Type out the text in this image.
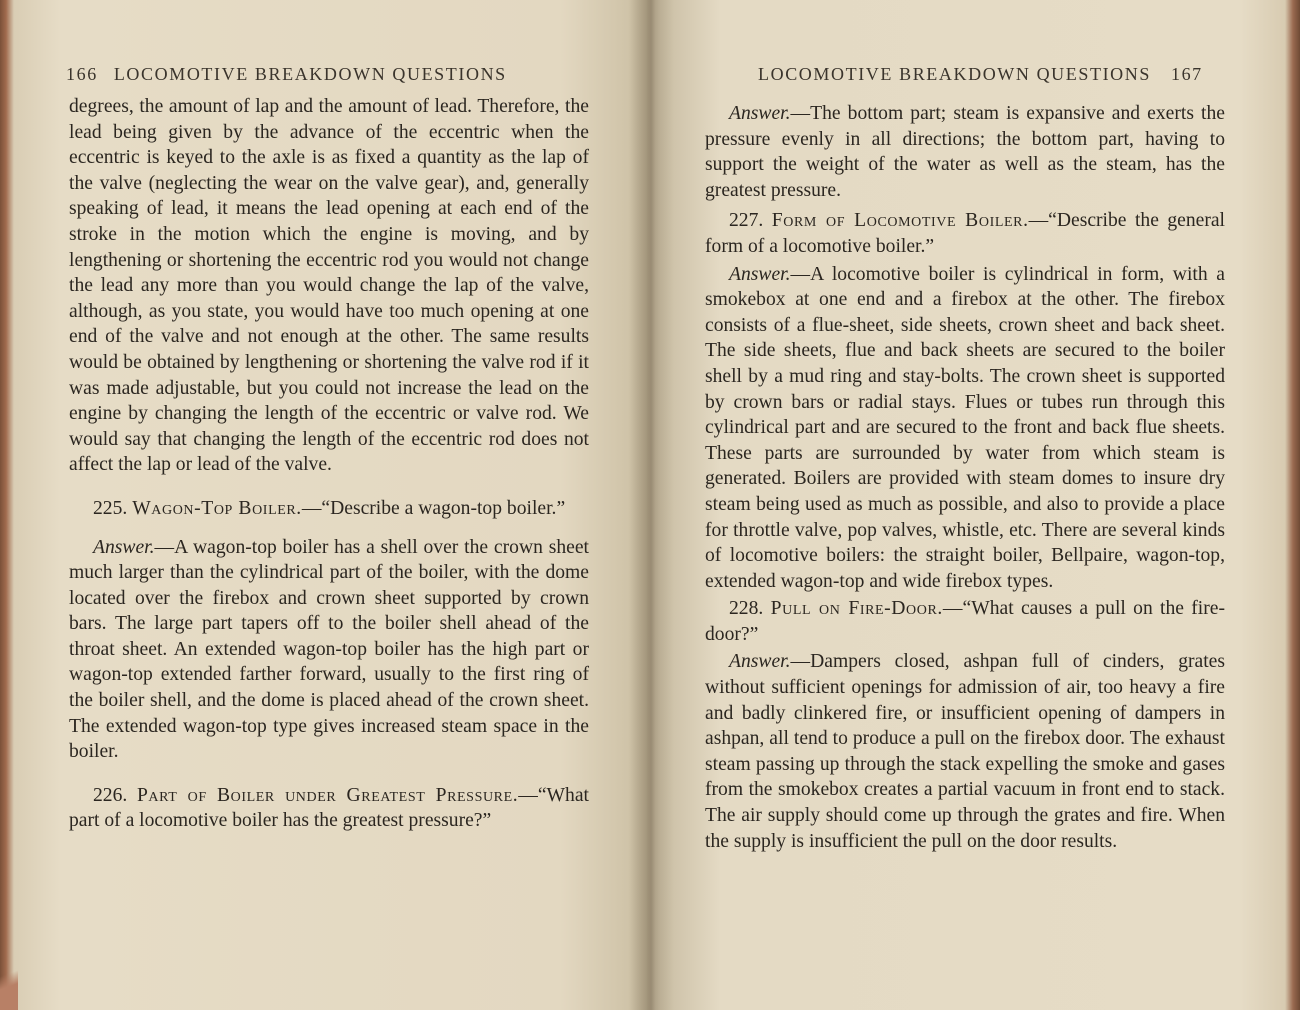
166 LOCOMOTIVE BREAKDOWN QUESTIONS

degrees, the amount of lap and the amount of lead. Therefore, the lead being given by the advance of the eccentric when the eccentric is keyed to the axle is as fixed a quantity as the lap of the valve (neglecting the wear on the valve gear), and, generally speaking of lead, it means the lead opening at each end of the stroke in the motion which the engine is moving, and by lengthening or shortening the eccentric rod you would not change the lead any more than you would change the lap of the valve, although, as you state, you would have too much opening at one end of the valve and not enough at the other. The same results would be obtained by lengthening or shortening the valve rod if it was made adjustable, but you could not increase the lead on the engine by changing the length of the eccentric or valve rod. We would say that changing the length of the eccentric rod does not affect the lap or lead of the valve.

225. Wagon-Top Boiler.—“Describe a wagon-top boiler.”

Answer.—A wagon-top boiler has a shell over the crown sheet much larger than the cylindrical part of the boiler, with the dome located over the firebox and crown sheet supported by crown bars. The large part tapers off to the boiler shell ahead of the throat sheet. An extended wagon-top boiler has the high part or wagon-top extended farther forward, usually to the first ring of the boiler shell, and the dome is placed ahead of the crown sheet. The extended wagon-top type gives increased steam space in the boiler.

226. Part of Boiler under Greatest Pressure.—“What part of a locomotive boiler has the greatest pressure?”

LOCOMOTIVE BREAKDOWN QUESTIONS 167

Answer.—The bottom part; steam is expansive and exerts the pressure evenly in all directions; the bottom part, having to support the weight of the water as well as the steam, has the greatest pressure.

227. Form of Locomotive Boiler.—“Describe the general form of a locomotive boiler.”

Answer.—A locomotive boiler is cylindrical in form, with a smokebox at one end and a firebox at the other. The firebox consists of a flue-sheet, side sheets, crown sheet and back sheet. The side sheets, flue and back sheets are secured to the boiler shell by a mud ring and stay-bolts. The crown sheet is supported by crown bars or radial stays. Flues or tubes run through this cylindrical part and are secured to the front and back flue sheets. These parts are surrounded by water from which steam is generated. Boilers are provided with steam domes to insure dry steam being used as much as possible, and also to provide a place for throttle valve, pop valves, whistle, etc. There are several kinds of locomotive boilers: the straight boiler, Bellpaire, wagon-top, extended wagon-top and wide firebox types.

228. Pull on Fire-Door.—“What causes a pull on the fire-door?”

Answer.—Dampers closed, ashpan full of cinders, grates without sufficient openings for admission of air, too heavy a fire and badly clinkered fire, or insufficient opening of dampers in ashpan, all tend to produce a pull on the firebox door. The exhaust steam passing up through the stack expelling the smoke and gases from the smokebox creates a partial vacuum in front end to stack. The air supply should come up through the grates and fire. When the supply is insufficient the pull on the door results.
